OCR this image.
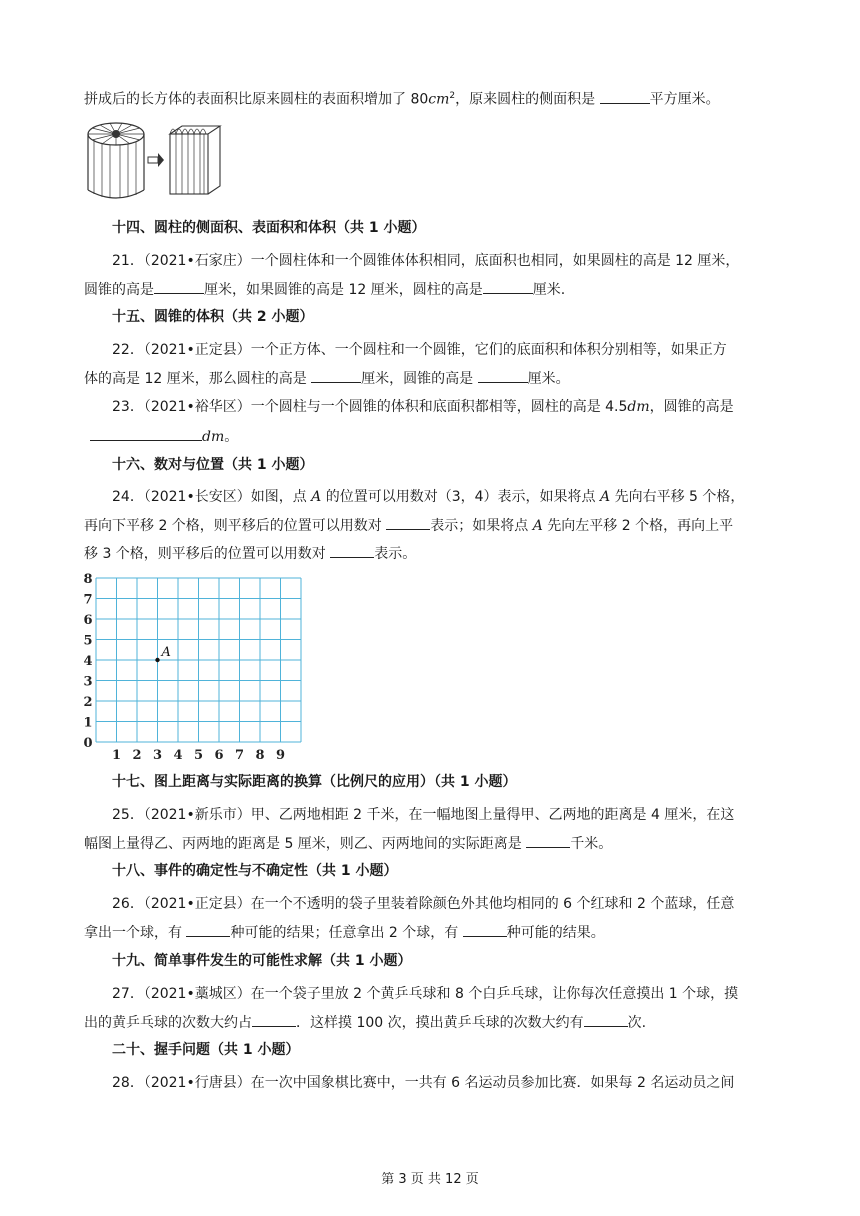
拼成后的长方体的表面积比原来圆柱的表面积增加了 $80cm^2$，原来圆柱的侧面积是	平方厘米。
十四、圆柱的侧面积、表面积和体积（共 1 小题）
21．（2021•石家庄）一个圆柱体和一个圆锥体体积相同，底面积也相同，如果圆柱的高是 12 厘米，
圆锥的高是	厘米，如果圆锥的高是 12 厘米，圆柱的高是	厘米.
十五、圆锥的体积（共 2 小题）
22．（2021•正定县）一个正方体、一个圆柱和一个圆锥，它们的底面积和体积分别相等，如果正方
体的高是 12 厘米，那么圆柱的高是	厘米，圆锥的高是	厘米。
23．（2021•裕华区）一个圆柱与一个圆锥的体积和底面积都相等，圆柱的高是 4.5dm，圆锥的高是
dm。
十六、数对与位置（共 1 小题）
24．（2021•长安区）如图，点 A 的位置可以用数对（3，4）表示，如果将点 A 先向右平移 5 个格，
再向下平移 2 个格，则平移后的位置可以用数对	表示；如果将点 A 先向左平移 2 个格，再向上平
移 3 个格，则平移后的位置可以用数对	表示。
1 2 3 4 5 6 7 8 9
0
1
2
3
4
5
6
7
8
A
十七、图上距离与实际距离的换算（比例尺的应用）（共 1 小题）
25．（2021•新乐市）甲、乙两地相距 2 千米，在一幅地图上量得甲、乙两地的距离是 4 厘米，在这
幅图上量得乙、丙两地的距离是 5 厘米，则乙、丙两地间的实际距离是	千米。
十八、事件的确定性与不确定性（共 1 小题）
26．（2021•正定县）在一个不透明的袋子里装着除颜色外其他均相同的 6 个红球和 2 个蓝球，任意
拿出一个球，有	种可能的结果；任意拿出 2 个球，有	种可能的结果。
十九、简单事件发生的可能性求解（共 1 小题）
27．（2021•藁城区）在一个袋子里放 2 个黄乒乓球和 8 个白乒乓球，让你每次任意摸出 1 个球，摸
出的黄乒乓球的次数大约占	．这样摸 100 次，摸出黄乒乓球的次数大约有	次.
二十、握手问题（共 1 小题）
28．（2021•行唐县）在一次中国象棋比赛中，一共有 6 名运动员参加比赛．如果每 2 名运动员之间
第 3 页 共 12 页
